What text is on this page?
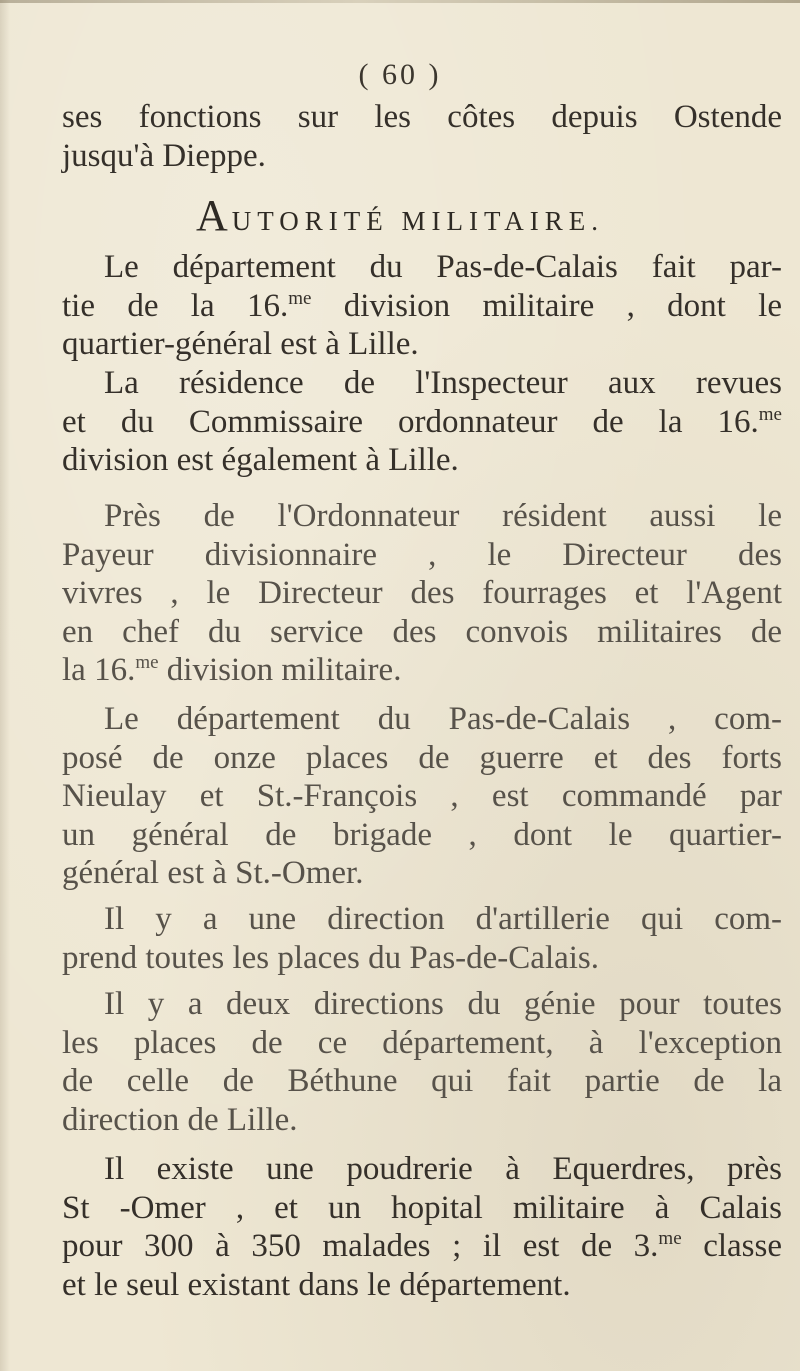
( 60 )
ses fonctions sur les côtes depuis Ostende
jusqu'à Dieppe.
AUTORITÉ MILITAIRE.
Le département du Pas-de-Calais fait par-
tie de la 16.$^{me}$ division militaire , dont le
quartier-général est à Lille.
La résidence de l'Inspecteur aux revues
et du Commissaire ordonnateur de la 16.$^{me}$
division est également à Lille.
Près de l'Ordonnateur résident aussi le
Payeur divisionnaire , le Directeur des
vivres , le Directeur des fourrages et l'Agent
en chef du service des convois militaires de
la 16.$^{me}$ division militaire.
Le département du Pas-de-Calais , com-
posé de onze places de guerre et des forts
Nieulay et St.-François , est commandé par
un général de brigade , dont le quartier-
général est à St.-Omer.
Il y a une direction d'artillerie qui com-
prend toutes les places du Pas-de-Calais.
Il y a deux directions du génie pour toutes
les places de ce département, à l'exception
de celle de Béthune qui fait partie de la
direction de Lille.
Il existe une poudrerie à Equerdres, près
St -Omer , et un hopital militaire à Calais
pour 300 à 350 malades ; il est de 3.$^{me}$ classe
et le seul existant dans le département.
